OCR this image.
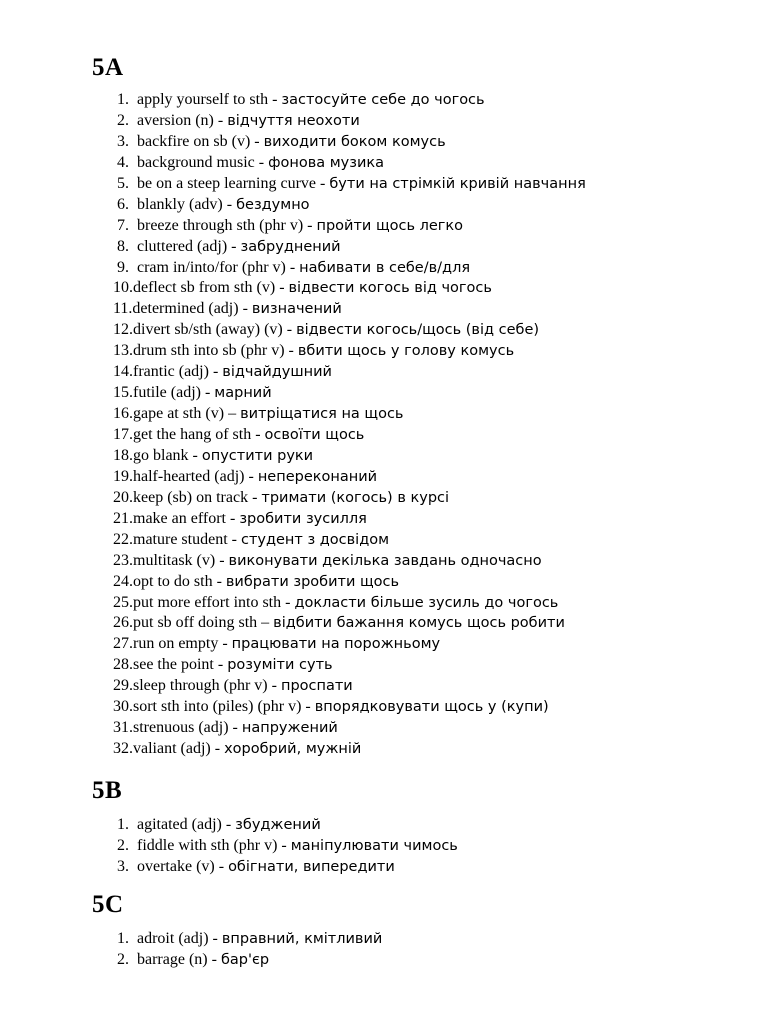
5A
1. apply yourself to sth - застосуйте себе до чогось
2. aversion (n) - відчуття неохоти
3. backfire on sb (v) - виходити боком комусь
4. background music - фонова музика
5. be on a steep learning curve - бути на стрімкій кривій навчання
6. blankly (adv) - бездумно
7. breeze through sth (phr v) - пройти щось легко
8. cluttered (adj) - забруднений
9. cram in/into/for (phr v) - набивати в себе/в/для
10. deflect sb from sth (v) - відвести когось від чогось
11. determined (adj) - визначений
12. divert sb/sth (away) (v) - відвести когось/щось (від себе)
13. drum sth into sb (phr v) - вбити щось у голову комусь
14. frantic (adj) - відчайдушний
15. futile (adj) - марний
16. gape at sth (v) – витріщатися на щось
17. get the hang of sth - освоїти щось
18. go blank - опустити руки
19. half-hearted (adj) - непереконаний
20. keep (sb) on track - тримати (когось) в курсі
21. make an effort - зробити зусилля
22. mature student - студент з досвідом
23. multitask (v) - виконувати декілька завдань одночасно
24. opt to do sth - вибрати зробити щось
25. put more effort into sth - докласти більше зусиль до чогось
26. put sb off doing sth – відбити бажання комусь щось робити
27. run on empty - працювати на порожньому
28. see the point - розуміти суть
29. sleep through (phr v) - проспати
30. sort sth into (piles) (phr v) - впорядковувати щось у (купи)
31. strenuous (adj) - напружений
32. valiant (adj) - хоробрий, мужній
5B
1. agitated (adj) - збуджений
2. fiddle with sth (phr v) - маніпулювати чимось
3. overtake (v) - обігнати, випередити
5C
1. adroit (adj) - вправний, кмітливий
2. barrage (n) - бар'єр
